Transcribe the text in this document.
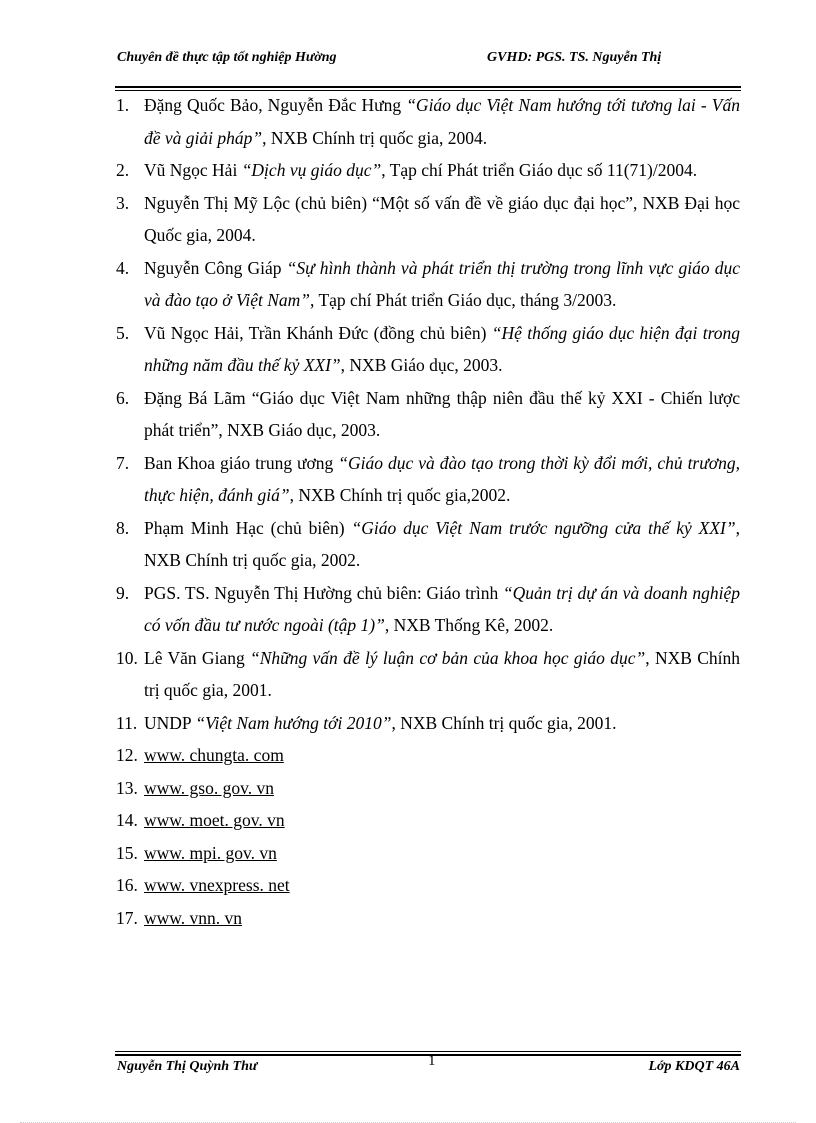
Chuyên đề thực tập tốt nghiệp Hường	GVHD: PGS. TS. Nguyễn Thị
1. Đặng Quốc Bảo, Nguyễn Đắc Hưng “Giáo dục Việt Nam hướng tới tương lai - Vấn đề và giải pháp”, NXB Chính trị quốc gia, 2004.
2. Vũ Ngọc Hải “Dịch vụ giáo dục”, Tạp chí Phát triển Giáo dục số 11(71)/2004.
3. Nguyễn Thị Mỹ Lộc (chủ biên) “Một số vấn đề về giáo dục đại học”, NXB Đại học Quốc gia, 2004.
4. Nguyễn Công Giáp “Sự hình thành và phát triển thị trường trong lĩnh vực giáo dục và đào tạo ở Việt Nam”, Tạp chí Phát triển Giáo dục, tháng 3/2003.
5. Vũ Ngọc Hải, Trần Khánh Đức (đồng chủ biên) “Hệ thống giáo dục hiện đại trong những năm đầu thế kỷ XXI”, NXB Giáo dục, 2003.
6. Đặng Bá Lãm “Giáo dục Việt Nam những thập niên đầu thế kỷ XXI - Chiến lược phát triển”, NXB Giáo dục, 2003.
7. Ban Khoa giáo trung ương “Giáo dục và đào tạo trong thời kỳ đổi mới, chủ trương, thực hiện, đánh giá”, NXB Chính trị quốc gia,2002.
8. Phạm Minh Hạc (chủ biên) “Giáo dục Việt Nam trước ngưỡng cửa thế kỷ XXI”, NXB Chính trị quốc gia, 2002.
9. PGS. TS. Nguyễn Thị Hường chủ biên: Giáo trình “Quản trị dự án và doanh nghiệp có vốn đầu tư nước ngoài (tập 1)”, NXB Thống Kê, 2002.
10. Lê Văn Giang “Những vấn đề lý luận cơ bản của khoa học giáo dục”, NXB Chính trị quốc gia, 2001.
11. UNDP “Việt Nam hướng tới 2010”, NXB Chính trị quốc gia, 2001.
12. www. chungta. com
13. www. gso. gov. vn
14. www. moet. gov. vn
15. www. mpi. gov. vn
16. www. vnexpress. net
17. www. vnn. vn
Nguyễn Thị Quỳnh Thư	1	Lớp KDQT 46A
